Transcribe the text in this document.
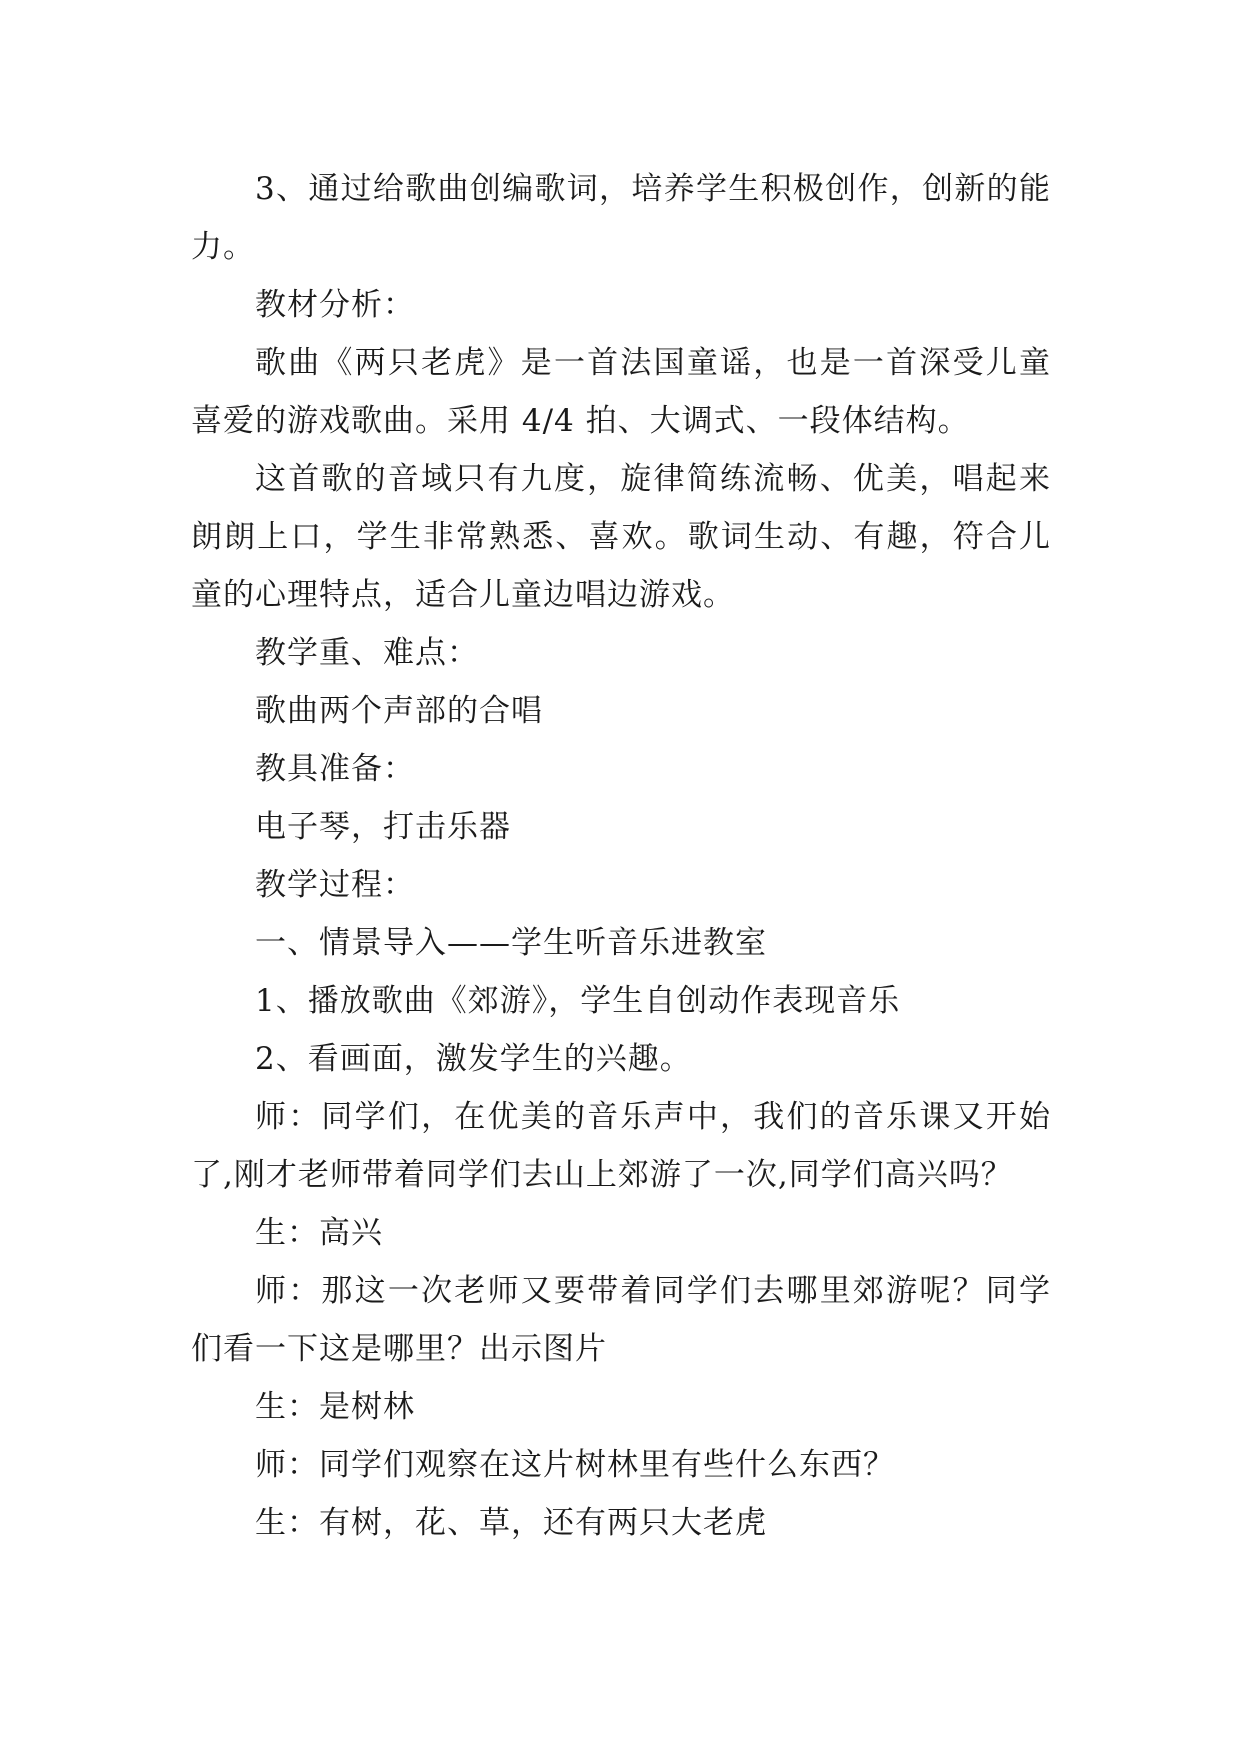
3、通过给歌曲创编歌词，培养学生积极创作，创新的能力。

教材分析：

歌曲《两只老虎》是一首法国童谣，也是一首深受儿童喜爱的游戏歌曲。采用 4/4 拍、大调式、一段体结构。

这首歌的音域只有九度，旋律简练流畅、优美，唱起来朗朗上口，学生非常熟悉、喜欢。歌词生动、有趣，符合儿童的心理特点，适合儿童边唱边游戏。

教学重、难点：

歌曲两个声部的合唱

教具准备：

电子琴，打击乐器

教学过程：

一、情景导入——学生听音乐进教室

1、播放歌曲《郊游》，学生自创动作表现音乐

2、看画面，激发学生的兴趣。

师：同学们，在优美的音乐声中，我们的音乐课又开始了,刚才老师带着同学们去山上郊游了一次,同学们高兴吗？

生：高兴

师：那这一次老师又要带着同学们去哪里郊游呢？同学们看一下这是哪里？出示图片

生：是树林

师：同学们观察在这片树林里有些什么东西？

生：有树，花、草，还有两只大老虎
